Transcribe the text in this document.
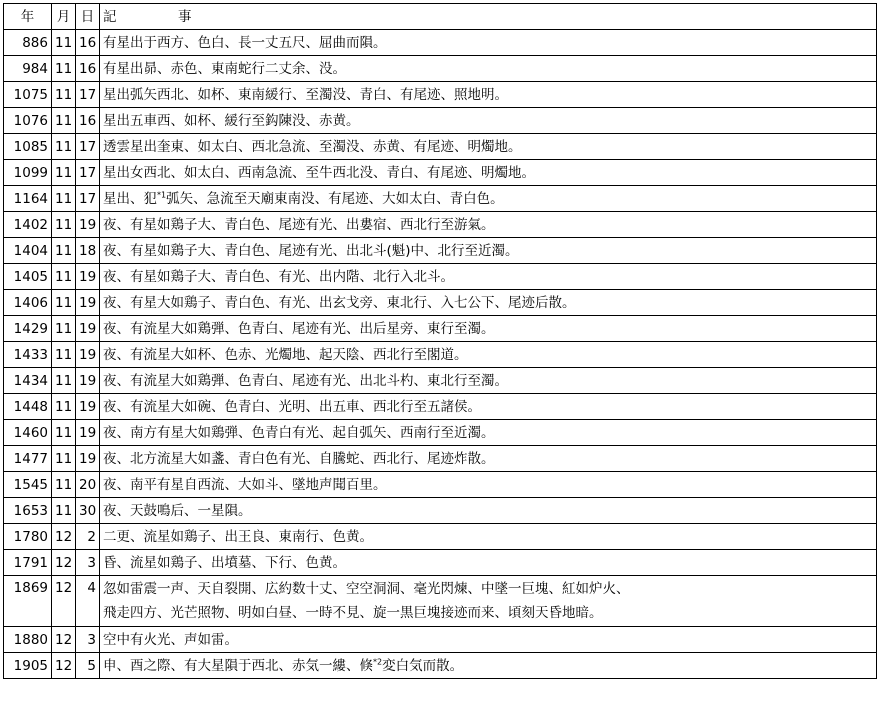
年	月	日	記　事
886	11	16	有星出于西方、色白、長一丈五尺、屈曲而隕。
984	11	16	有星出昴、赤色、東南蛇行二丈余、没。
1075	11	17	星出弧矢西北、如杯、東南緩行、至濁没、青白、有尾迹、照地明。
1076	11	16	星出五車西、如杯、緩行至鈎陳没、赤黄。
1085	11	17	透雲星出奎東、如太白、西北急流、至濁没、赤黄、有尾迹、明燭地。
1099	11	17	星出女西北、如太白、西南急流、至牛西北没、青白、有尾迹、明燭地。
1164	11	17	星出、犯$^{*1}$弧矢、急流至天廟東南没、有尾迹、大如太白、青白色。
1402	11	19	夜、有星如鶏子大、青白色、尾迹有光、出婁宿、西北行至游氣。
1404	11	18	夜、有星如鶏子大、青白色、尾迹有光、出北斗(魁)中、北行至近濁。
1405	11	19	夜、有星如鶏子大、青白色、有光、出内階、北行入北斗。
1406	11	19	夜、有星大如鶏子、青白色、有光、出玄戈旁、東北行、入七公下、尾迹后散。
1429	11	19	夜、有流星大如鶏弾、色青白、尾迹有光、出后星旁、東行至濁。
1433	11	19	夜、有流星大如杯、色赤、光燭地、起天陰、西北行至閣道。
1434	11	19	夜、有流星大如鶏弾、色青白、尾迹有光、出北斗杓、東北行至濁。
1448	11	19	夜、有流星大如碗、色青白、光明、出五車、西北行至五諸侯。
1460	11	19	夜、南方有星大如鶏弾、色青白有光、起自弧矢、西南行至近濁。
1477	11	19	夜、北方流星大如盞、青白色有光、自騰蛇、西北行、尾迹炸散。
1545	11	20	夜、南平有星自西流、大如斗、墜地声聞百里。
1653	11	30	夜、天鼓鳴后、一星隕。
1780	12	2	二更、流星如鶏子、出王良、東南行、色黄。
1791	12	3	昏、流星如鶏子、出墳墓、下行、色黄。
1869	12	4	忽如雷震一声、天自裂開、広約数十丈、空空洞洞、毫光閃煉、中墜一巨塊、紅如炉火、
飛走四方、光芒照物、明如白昼、一時不見、旋一黒巨塊接迹而来、頃刻天昏地暗。

1880	12	3	空中有火光、声如雷。
1905	12	5	申、酉之際、有大星隕于西北、赤気一縷、倏$^{*2}$変白気而散。
